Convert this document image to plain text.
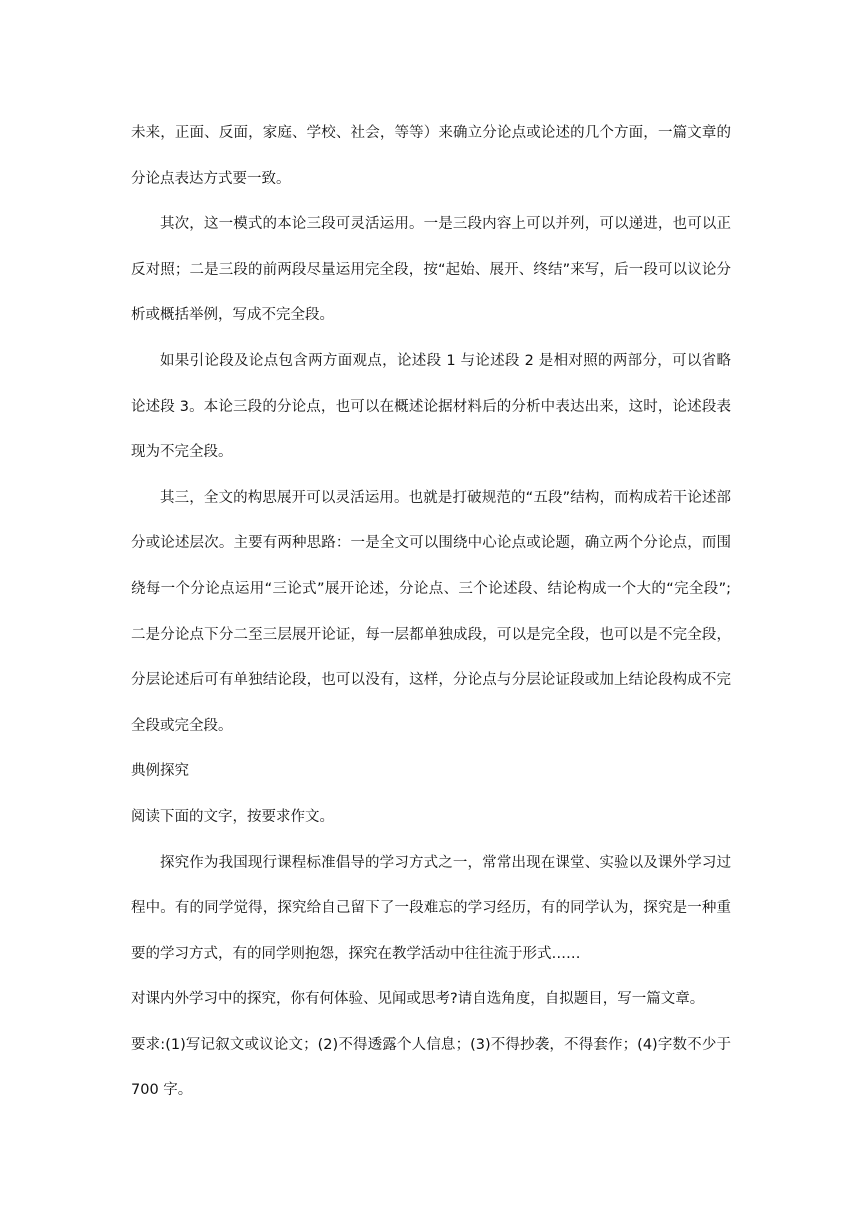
未来，正面、反面，家庭、学校、社会，等等）来确立分论点或论述的几个方面，一篇文章的分论点表达方式要一致。

其次，这一模式的本论三段可灵活运用。一是三段内容上可以并列，可以递进，也可以正反对照；二是三段的前两段尽量运用完全段，按“起始、展开、终结”来写，后一段可以议论分析或概括举例，写成不完全段。

如果引论段及论点包含两方面观点，论述段 1 与论述段 2 是相对照的两部分，可以省略论述段 3。本论三段的分论点，也可以在概述论据材料后的分析中表达出来，这时，论述段表现为不完全段。

其三，全文的构思展开可以灵活运用。也就是打破规范的“五段”结构，而构成若干论述部分或论述层次。主要有两种思路：一是全文可以围绕中心论点或论题，确立两个分论点，而围绕每一个分论点运用“三论式”展开论述，分论点、三个论述段、结论构成一个大的“完全段”; 二是分论点下分二至三层展开论证，每一层都单独成段，可以是完全段，也可以是不完全段，分层论述后可有单独结论段，也可以没有，这样，分论点与分层论证段或加上结论段构成不完全段或完全段。

典例探究

阅读下面的文字，按要求作文。

探究作为我国现行课程标准倡导的学习方式之一，常常出现在课堂、实验以及课外学习过程中。有的同学觉得，探究给自己留下了一段难忘的学习经历，有的同学认为，探究是一种重要的学习方式，有的同学则抱怨，探究在教学活动中往往流于形式……

对课内外学习中的探究，你有何体验、见闻或思考?请自选角度，自拟题目，写一篇文章。

要求:(1)写记叙文或议论文；(2)不得透露个人信息；(3)不得抄袭，不得套作；(4)字数不少于 700 字。
